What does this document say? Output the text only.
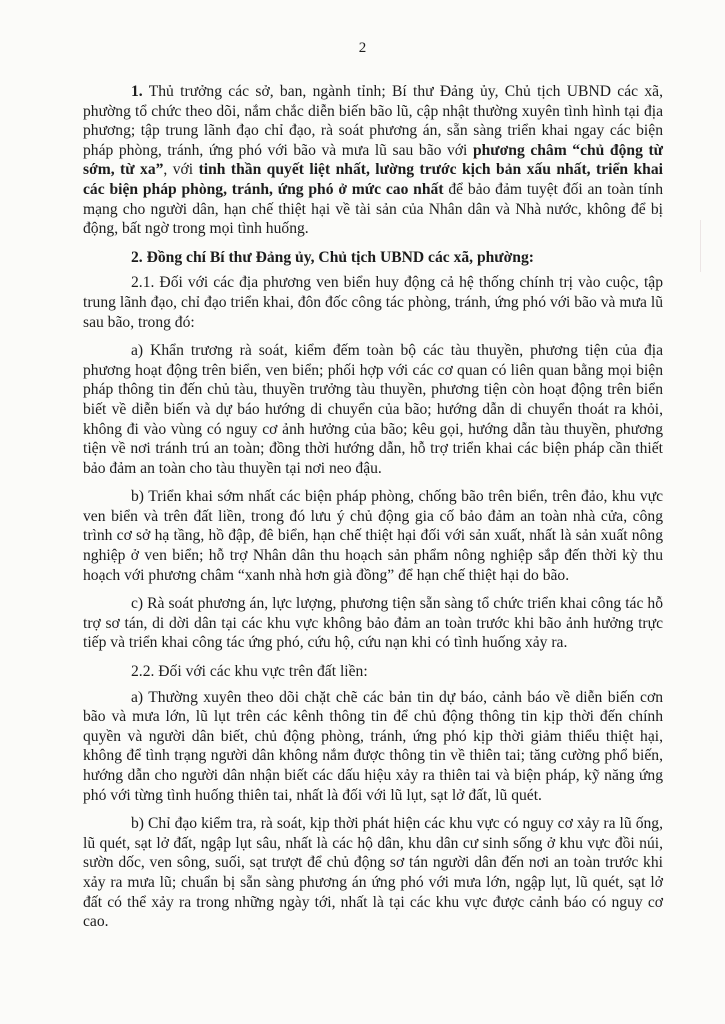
2

1. Thủ trưởng các sở, ban, ngành tỉnh; Bí thư Đảng ủy, Chủ tịch UBND các xã, phường tổ chức theo dõi, nắm chắc diễn biến bão lũ, cập nhật thường xuyên tình hình tại địa phương; tập trung lãnh đạo chỉ đạo, rà soát phương án, sẵn sàng triển khai ngay các biện pháp phòng, tránh, ứng phó với bão và mưa lũ sau bão với phương châm “chủ động từ sớm, từ xa”, với tinh thần quyết liệt nhất, lường trước kịch bản xấu nhất, triển khai các biện pháp phòng, tránh, ứng phó ở mức cao nhất để bảo đảm tuyệt đối an toàn tính mạng cho người dân, hạn chế thiệt hại về tài sản của Nhân dân và Nhà nước, không để bị động, bất ngờ trong mọi tình huống.

2. Đồng chí Bí thư Đảng ủy, Chủ tịch UBND các xã, phường:

2.1. Đối với các địa phương ven biển huy động cả hệ thống chính trị vào cuộc, tập trung lãnh đạo, chỉ đạo triển khai, đôn đốc công tác phòng, tránh, ứng phó với bão và mưa lũ sau bão, trong đó:

a) Khẩn trương rà soát, kiểm đếm toàn bộ các tàu thuyền, phương tiện của địa phương hoạt động trên biển, ven biển; phối hợp với các cơ quan có liên quan bằng mọi biện pháp thông tin đến chủ tàu, thuyền trưởng tàu thuyền, phương tiện còn hoạt động trên biển biết về diễn biến và dự báo hướng di chuyển của bão; hướng dẫn di chuyển thoát ra khỏi, không đi vào vùng có nguy cơ ảnh hưởng của bão; kêu gọi, hướng dẫn tàu thuyền, phương tiện về nơi tránh trú an toàn; đồng thời hướng dẫn, hỗ trợ triển khai các biện pháp cần thiết bảo đảm an toàn cho tàu thuyền tại nơi neo đậu.

b) Triển khai sớm nhất các biện pháp phòng, chống bão trên biển, trên đảo, khu vực ven biển và trên đất liền, trong đó lưu ý chủ động gia cố bảo đảm an toàn nhà cửa, công trình cơ sở hạ tầng, hồ đập, đê biển, hạn chế thiệt hại đối với sản xuất, nhất là sản xuất nông nghiệp ở ven biển; hỗ trợ Nhân dân thu hoạch sản phẩm nông nghiệp sắp đến thời kỳ thu hoạch với phương châm “xanh nhà hơn già đồng” để hạn chế thiệt hại do bão.

c) Rà soát phương án, lực lượng, phương tiện sẵn sàng tổ chức triển khai công tác hỗ trợ sơ tán, di dời dân tại các khu vực không bảo đảm an toàn trước khi bão ảnh hưởng trực tiếp và triển khai công tác ứng phó, cứu hộ, cứu nạn khi có tình huống xảy ra.

2.2. Đối với các khu vực trên đất liền:

a) Thường xuyên theo dõi chặt chẽ các bản tin dự báo, cảnh báo về diễn biến cơn bão và mưa lớn, lũ lụt trên các kênh thông tin để chủ động thông tin kịp thời đến chính quyền và người dân biết, chủ động phòng, tránh, ứng phó kịp thời giảm thiểu thiệt hại, không để tình trạng người dân không nắm được thông tin về thiên tai; tăng cường phổ biến, hướng dẫn cho người dân nhận biết các dấu hiệu xảy ra thiên tai và biện pháp, kỹ năng ứng phó với từng tình huống thiên tai, nhất là đối với lũ lụt, sạt lở đất, lũ quét.

b) Chỉ đạo kiểm tra, rà soát, kịp thời phát hiện các khu vực có nguy cơ xảy ra lũ ống, lũ quét, sạt lở đất, ngập lụt sâu, nhất là các hộ dân, khu dân cư sinh sống ở khu vực đồi núi, sườn dốc, ven sông, suối, sạt trượt để chủ động sơ tán người dân đến nơi an toàn trước khi xảy ra mưa lũ; chuẩn bị sẵn sàng phương án ứng phó với mưa lớn, ngập lụt, lũ quét, sạt lở đất có thể xảy ra trong những ngày tới, nhất là tại các khu vực được cảnh báo có nguy cơ cao.
